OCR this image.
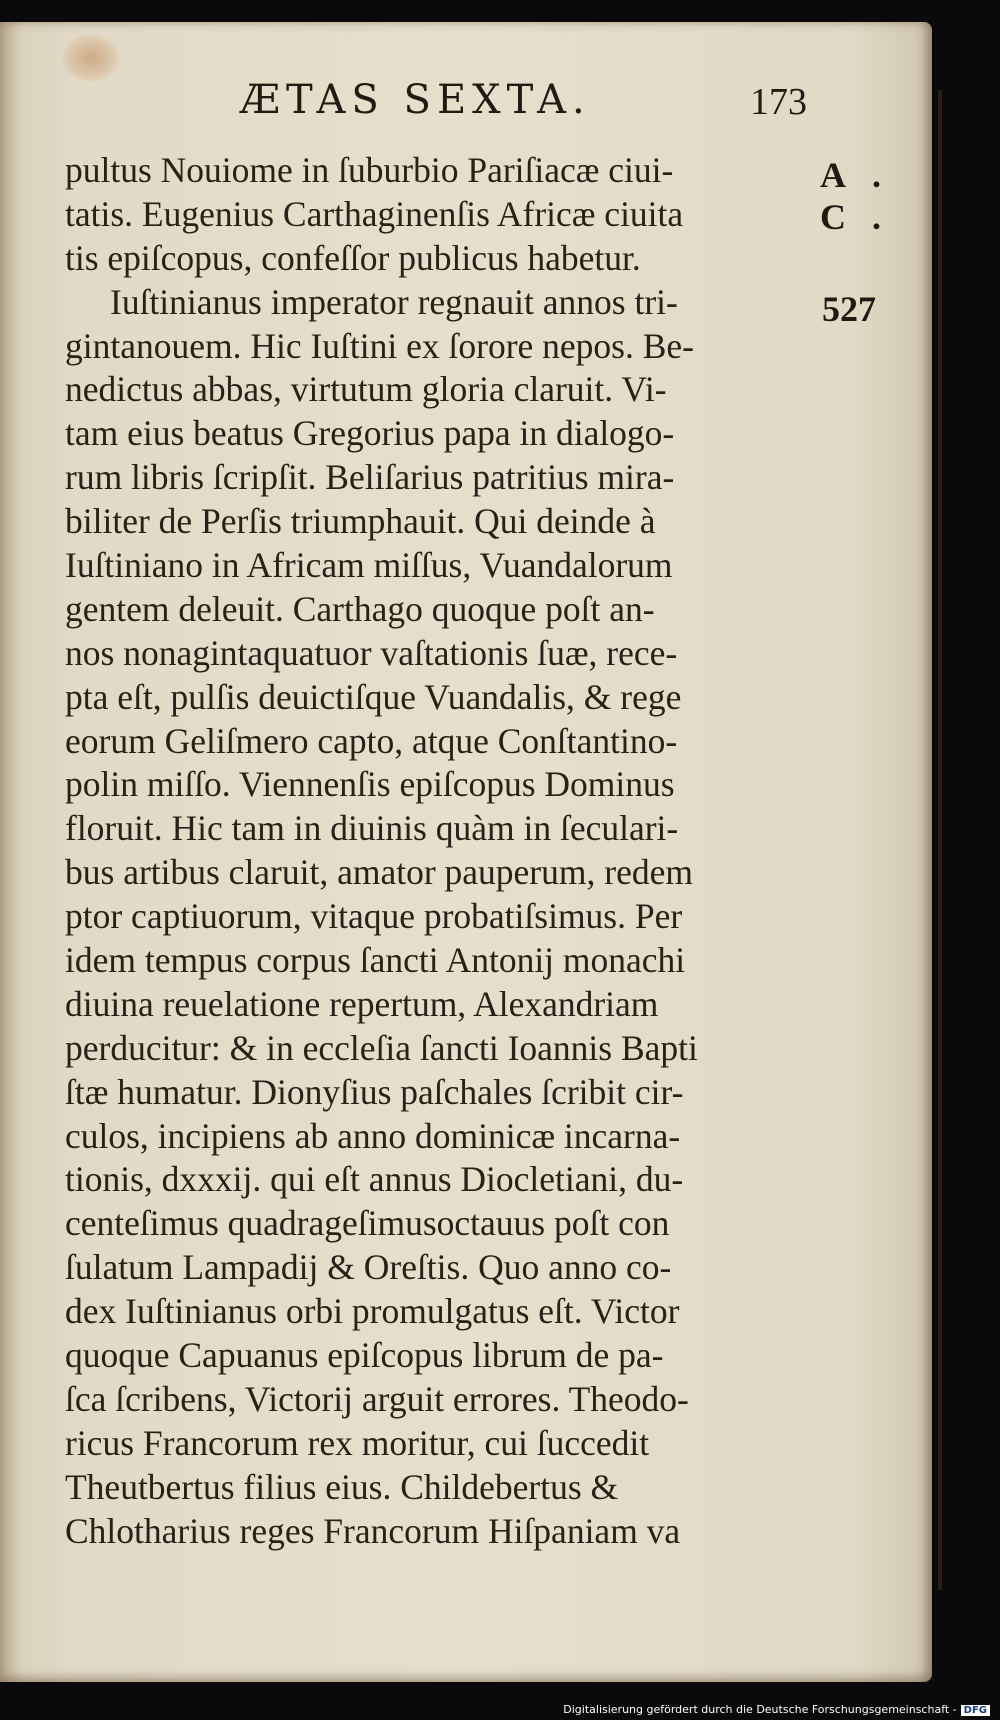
ÆTAS SEXTA.	173
pultus Nouiome in ſuburbio Pariſiacæ ciui-
tatis. Eugenius Carthaginenſis Africæ ciuita
tis epiſcopus, confeſſor publicus habetur.
Iuſtinianus imperator regnauit annos tri-
gintanouem. Hic Iuſtini ex ſorore nepos. Be-
nedictus abbas, virtutum gloria claruit. Vi-
tam eius beatus Gregorius papa in dialogo-
rum libris ſcripſit. Beliſarius patritius mira-
biliter de Perſis triumphauit. Qui deinde à
Iuſtiniano in Africam miſſus, Vuandalorum
gentem deleuit. Carthago quoque poſt an-
nos nonagintaquatuor vaſtationis ſuæ, rece-
pta eſt, pulſis deuictiſque Vuandalis, & rege
eorum Geliſmero capto, atque Conſtantino-
polin miſſo. Viennenſis epiſcopus Dominus
floruit. Hic tam in diuinis quàm in ſeculari-
bus artibus claruit, amator pauperum, redem
ptor captiuorum, vitaque probatiſsimus. Per
idem tempus corpus ſancti Antonij monachi
diuina reuelatione repertum, Alexandriam
perducitur: & in eccleſia ſancti Ioannis Bapti
ſtæ humatur. Dionyſius paſchales ſcribit cir-
culos, incipiens ab anno dominicæ incarna-
tionis, dxxxij. qui eſt annus Diocletiani, du-
centeſimus quadrageſimusoctauus poſt con
ſulatum Lampadij & Oreſtis. Quo anno co-
dex Iuſtinianus orbi promulgatus eſt. Victor
quoque Capuanus epiſcopus librum de pa-
ſca ſcribens, Victorij arguit errores. Theodo-
ricus Francorum rex moritur, cui ſuccedit
Theutbertus filius eius. Childebertus &
Chlotharius reges Francorum Hiſpaniam va
A. C.
527
Digitalisierung gefördert durch die Deutsche Forschungsgemeinschaft - DFG
